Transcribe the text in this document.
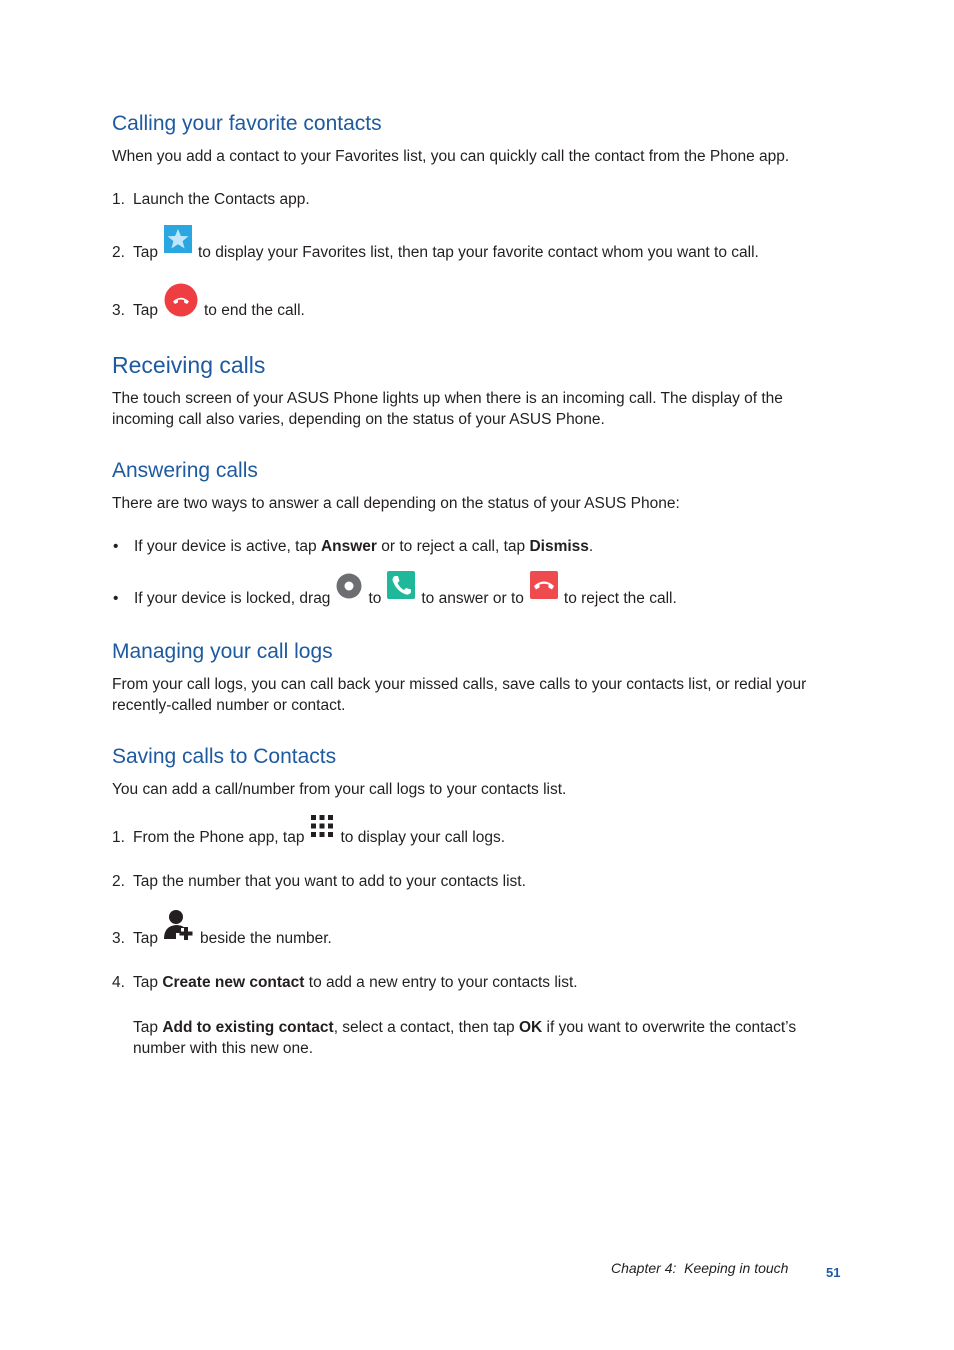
Calling your favorite contacts

When you add a contact to your Favorites list, you can quickly call the contact from the Phone app.

1. Launch the Contacts app.
2. Tap	to display your Favorites list, then tap your favorite contact whom you want to call.
3. Tap	to end the call.
Receiving calls

The touch screen of your ASUS Phone lights up when there is an incoming call. The display of the incoming call also varies, depending on the status of your ASUS Phone.

Answering calls

There are two ways to answer a call depending on the status of your ASUS Phone:

•	If your device is active, tap Answer or to reject a call, tap Dismiss .
•	If your device is locked, drag to	to answer or to	to reject the call.
Managing your call logs

From your call logs, you can call back your missed calls, save calls to your contacts list, or redial your recently-called number or contact.

Saving calls to Contacts

You can add a call/number from your call logs to your contacts list.

1. From the Phone app, tap to display your call logs.
2. Tap the number that you want to add to your contacts list.
3. Tap	beside the number.
4. Tap Create new contact to add a new entry to your contacts list.

Tap Add to existing contact, select a contact, then tap OK if you want to overwrite the contact’s number with this new one.

Chapter 4:  Keeping in touch	51
